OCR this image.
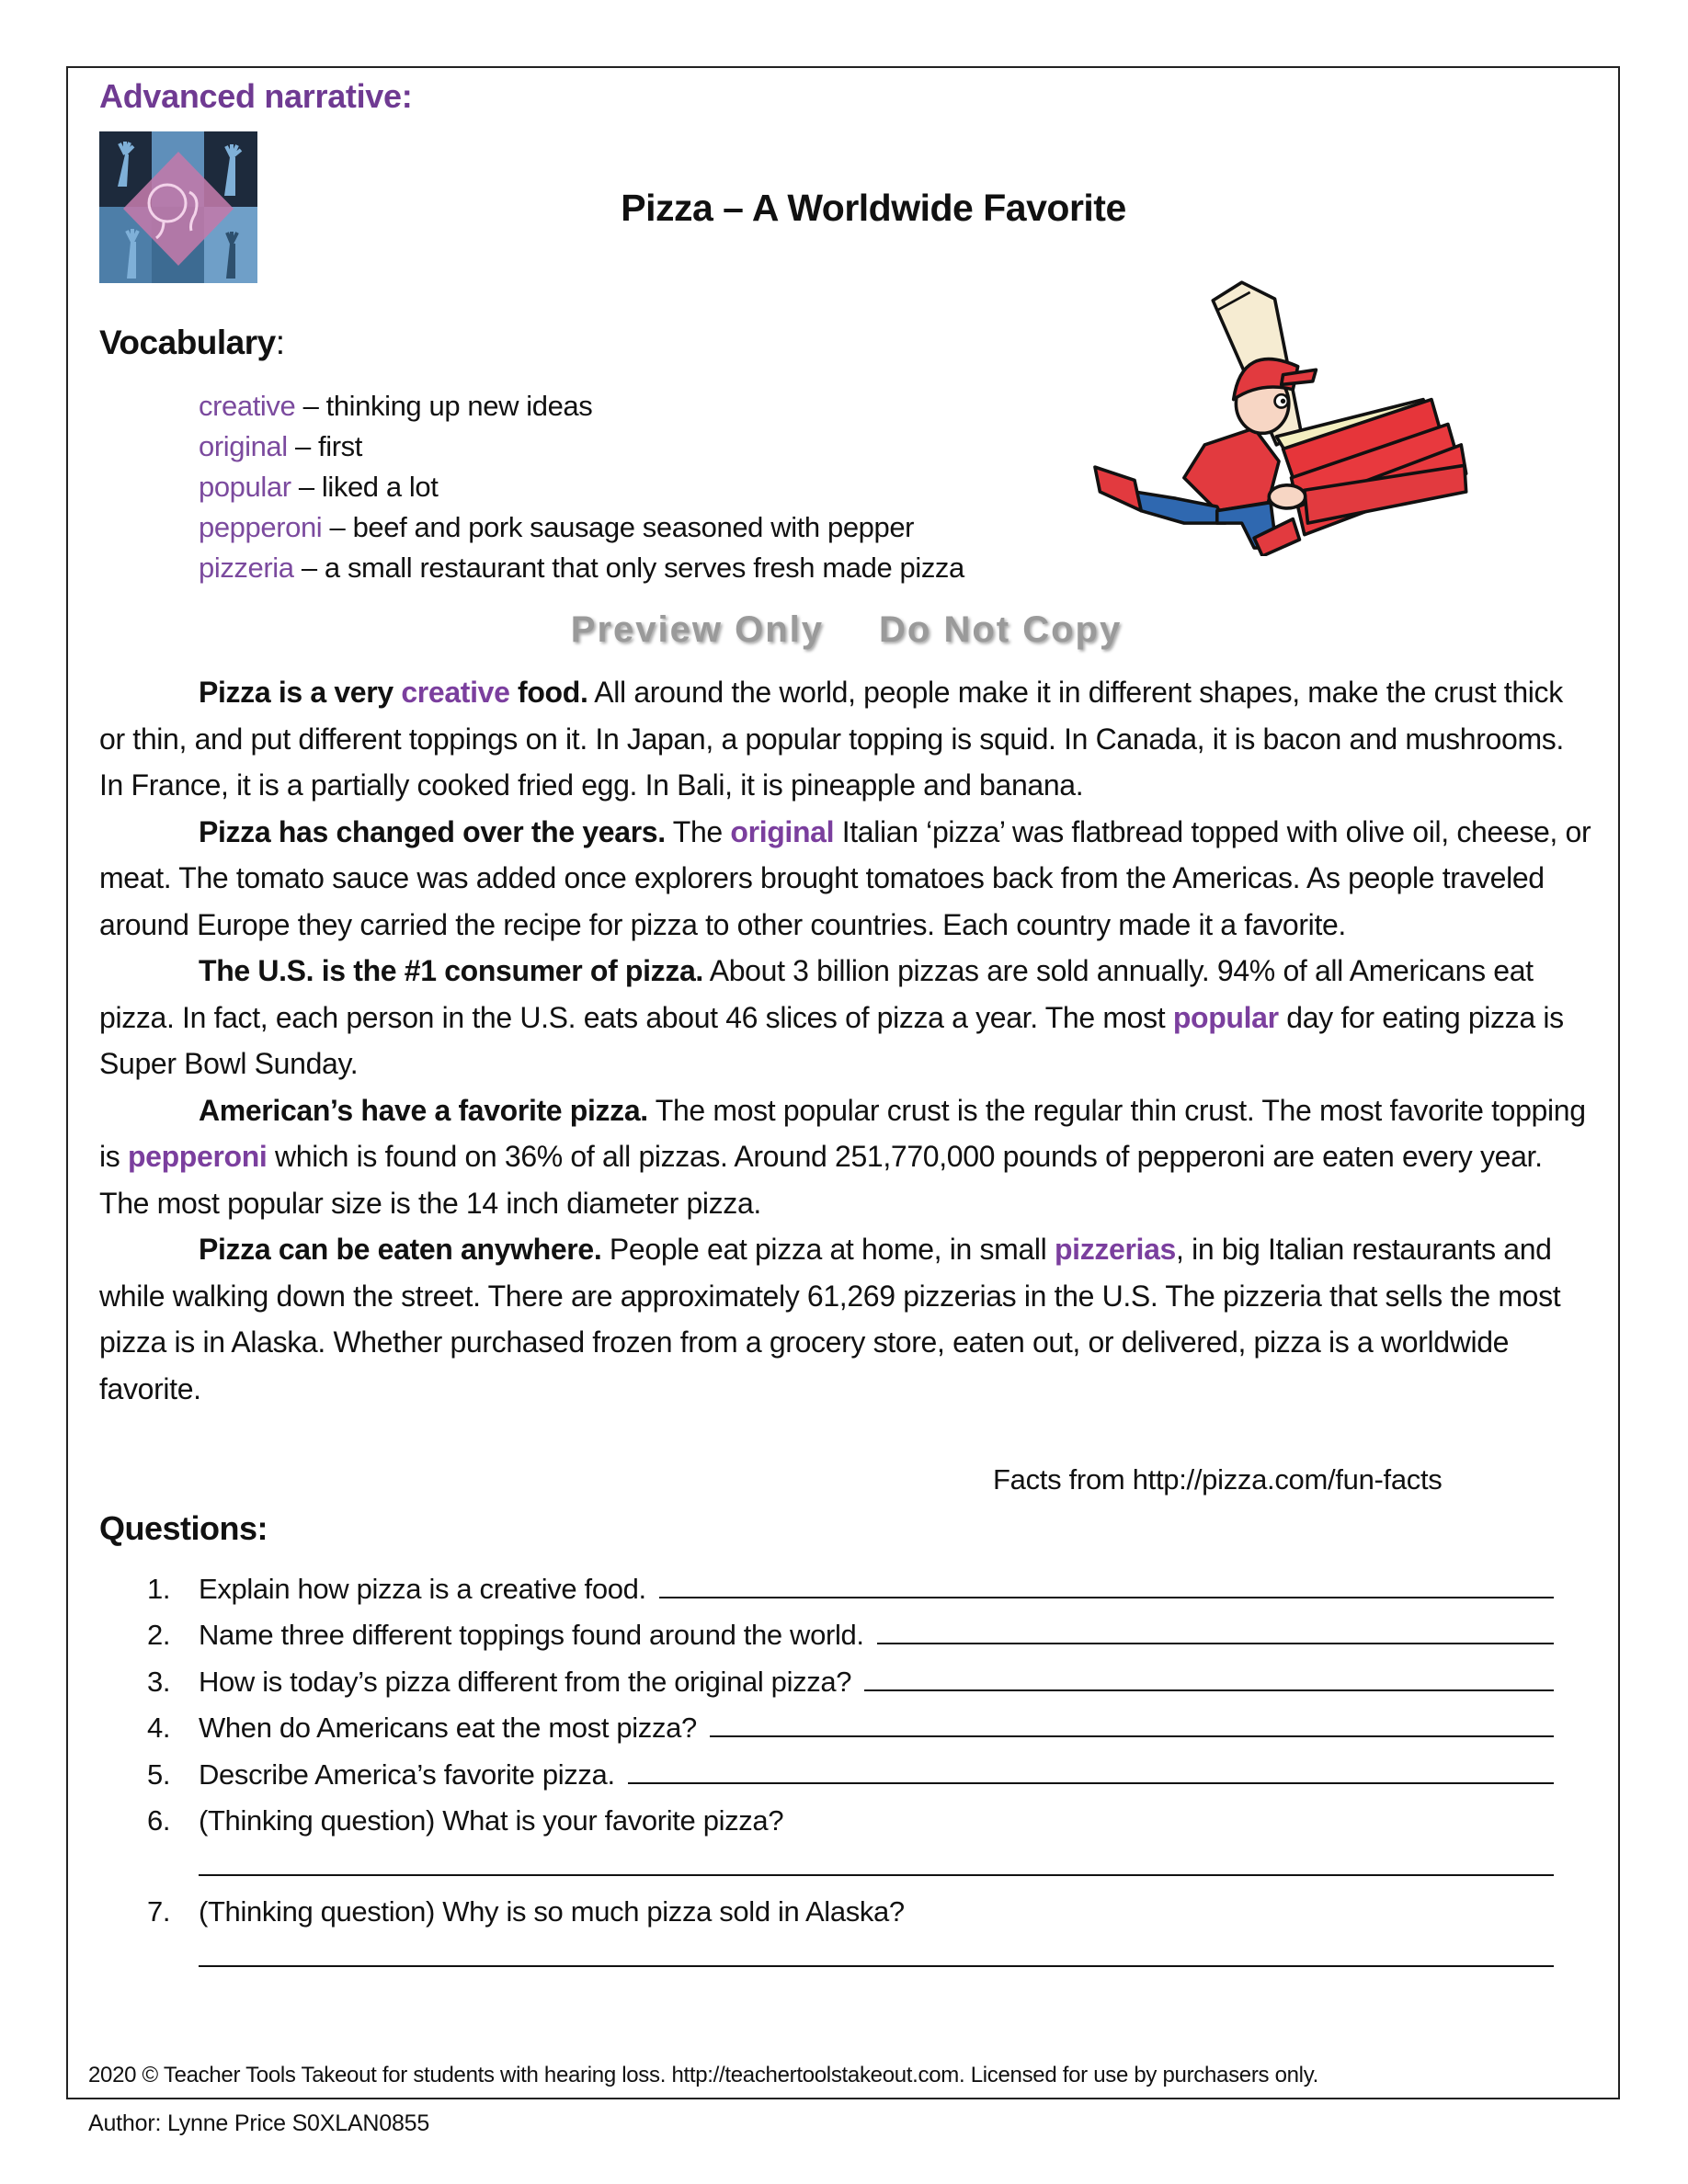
Advanced narrative:
Pizza – A Worldwide Favorite
Vocabulary:
creative – thinking up new ideas
original – first
popular – liked a lot
pepperoni – beef and pork sausage seasoned with pepper
pizzeria – a small restaurant that only serves fresh made pizza
Preview Only Do Not Copy

Pizza is a very creative food. All around the world, people make it in different shapes, make the crust thick or thin, and put different toppings on it. In Japan, a popular topping is squid. In Canada, it is bacon and mushrooms. In France, it is a partially cooked fried egg. In Bali, it is pineapple and banana.

Pizza has changed over the years. The original Italian ‘pizza’ was flatbread topped with olive oil, cheese, or meat. The tomato sauce was added once explorers brought tomatoes back from the Americas. As people traveled around Europe they carried the recipe for pizza to other countries. Each country made it a favorite.

The U.S. is the #1 consumer of pizza. About 3 billion pizzas are sold annually. 94% of all Americans eat pizza. In fact, each person in the U.S. eats about 46 slices of pizza a year. The most popular day for eating pizza is Super Bowl Sunday.

American’s have a favorite pizza. The most popular crust is the regular thin crust. The most favorite topping is pepperoni which is found on 36% of all pizzas. Around 251,770,000 pounds of pepperoni are eaten every year. The most popular size is the 14 inch diameter pizza.

Pizza can be eaten anywhere. People eat pizza at home, in small pizzerias, in big Italian restaurants and while walking down the street. There are approximately 61,269 pizzerias in the U.S. The pizzeria that sells the most pizza is in Alaska. Whether purchased frozen from a grocery store, eaten out, or delivered, pizza is a worldwide favorite.

Facts from http://pizza.com/fun-facts
Questions:
1. Explain how pizza is a creative food.
2. Name three different toppings found around the world.
3. How is today’s pizza different from the original pizza?
4. When do Americans eat the most pizza?
5. Describe America’s favorite pizza.
6. (Thinking question) What is your favorite pizza?
7. (Thinking question) Why is so much pizza sold in Alaska?
2020 © Teacher Tools Takeout for students with hearing loss. http://teachertoolstakeout.com. Licensed for use by purchasers only.
Author: Lynne Price S0XLAN0855
